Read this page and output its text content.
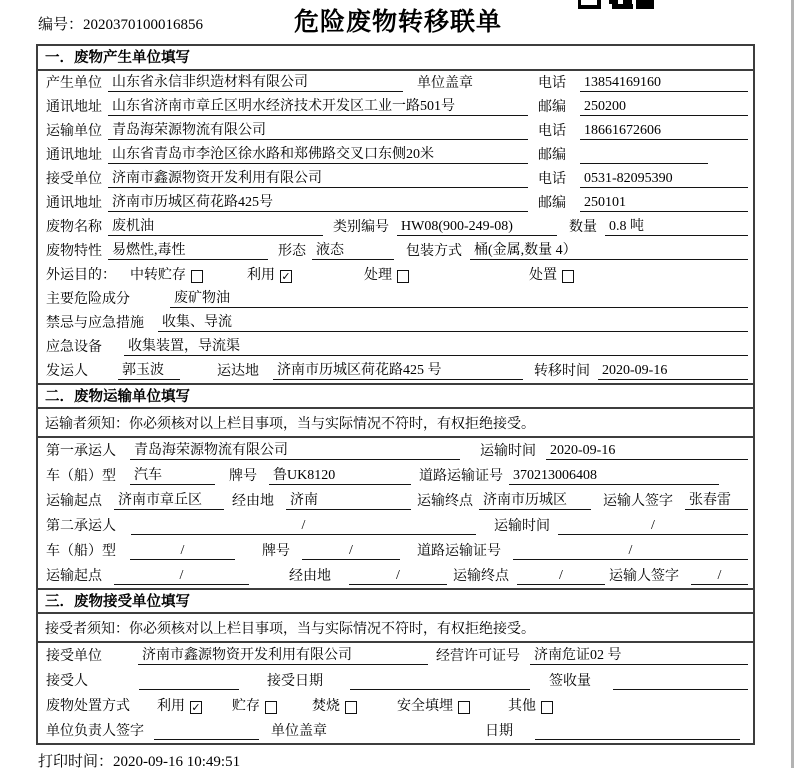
编号：2020370100016856	危险废物转移联单
一．废物产生单位填写
产生单位 山东省永信非织造材料有限公司	单位盖章	电话 13854169160
通讯地址 山东省济南市章丘区明水经济技术开发区工业一路501号	邮编 250200
运输单位 青岛海荣源物流有限公司	电话 18661672606
通讯地址 山东省青岛市李沧区徐水路和郑佛路交叉口东侧20米	邮编
接受单位 济南市鑫源物资开发利用有限公司	电话 0531-82095390
通讯地址 济南市历城区荷花路425号	邮编 250101
废物名称 废机油	类别编号 HW08(900-249-08)	数量 0.8 吨
废物特性 易燃性,毒性	形态 液态	包装方式 桶(金属,数量 4）
外运目的： 中转贮存	利用 ✓	处理	处置
主要危险成分	废矿物油
禁忌与应急措施 收集、导流
应急设备 收集装置，导流渠
发运人 郭玉波	运达地 济南市历城区荷花路425 号	转移时间 2020-09-16
二．废物运输单位填写
运输者须知：你必须核对以上栏目事项，当与实际情况不符时，有权拒绝接受。
第一承运人 青岛海荣源物流有限公司	运输时间 2020-09-16
车（船）型 汽车	牌号 鲁UK8120	道路运输证号 370213006408
运输起点 济南市章丘区	经由地 济南	运输终点 济南市历城区	运输人签字 张春雷
第二承运人	/	运输时间	/
车（船）型	/	牌号	/	道路运输证号	/
运输起点	/	经由地	/	运输终点	/	运输人签字	/
三．废物接受单位填写
接受者须知：你必须核对以上栏目事项，当与实际情况不符时，有权拒绝接受。
接受单位	济南市鑫源物资开发利用有限公司	经营许可证号 济南危证02 号
接受人	接受日期	签收量
废物处置方式 利用 ✓ 贮存	焚烧	安全填埋	其他
单位负责人签字	单位盖章	日期
打印时间：2020-09-16 10:49:51
